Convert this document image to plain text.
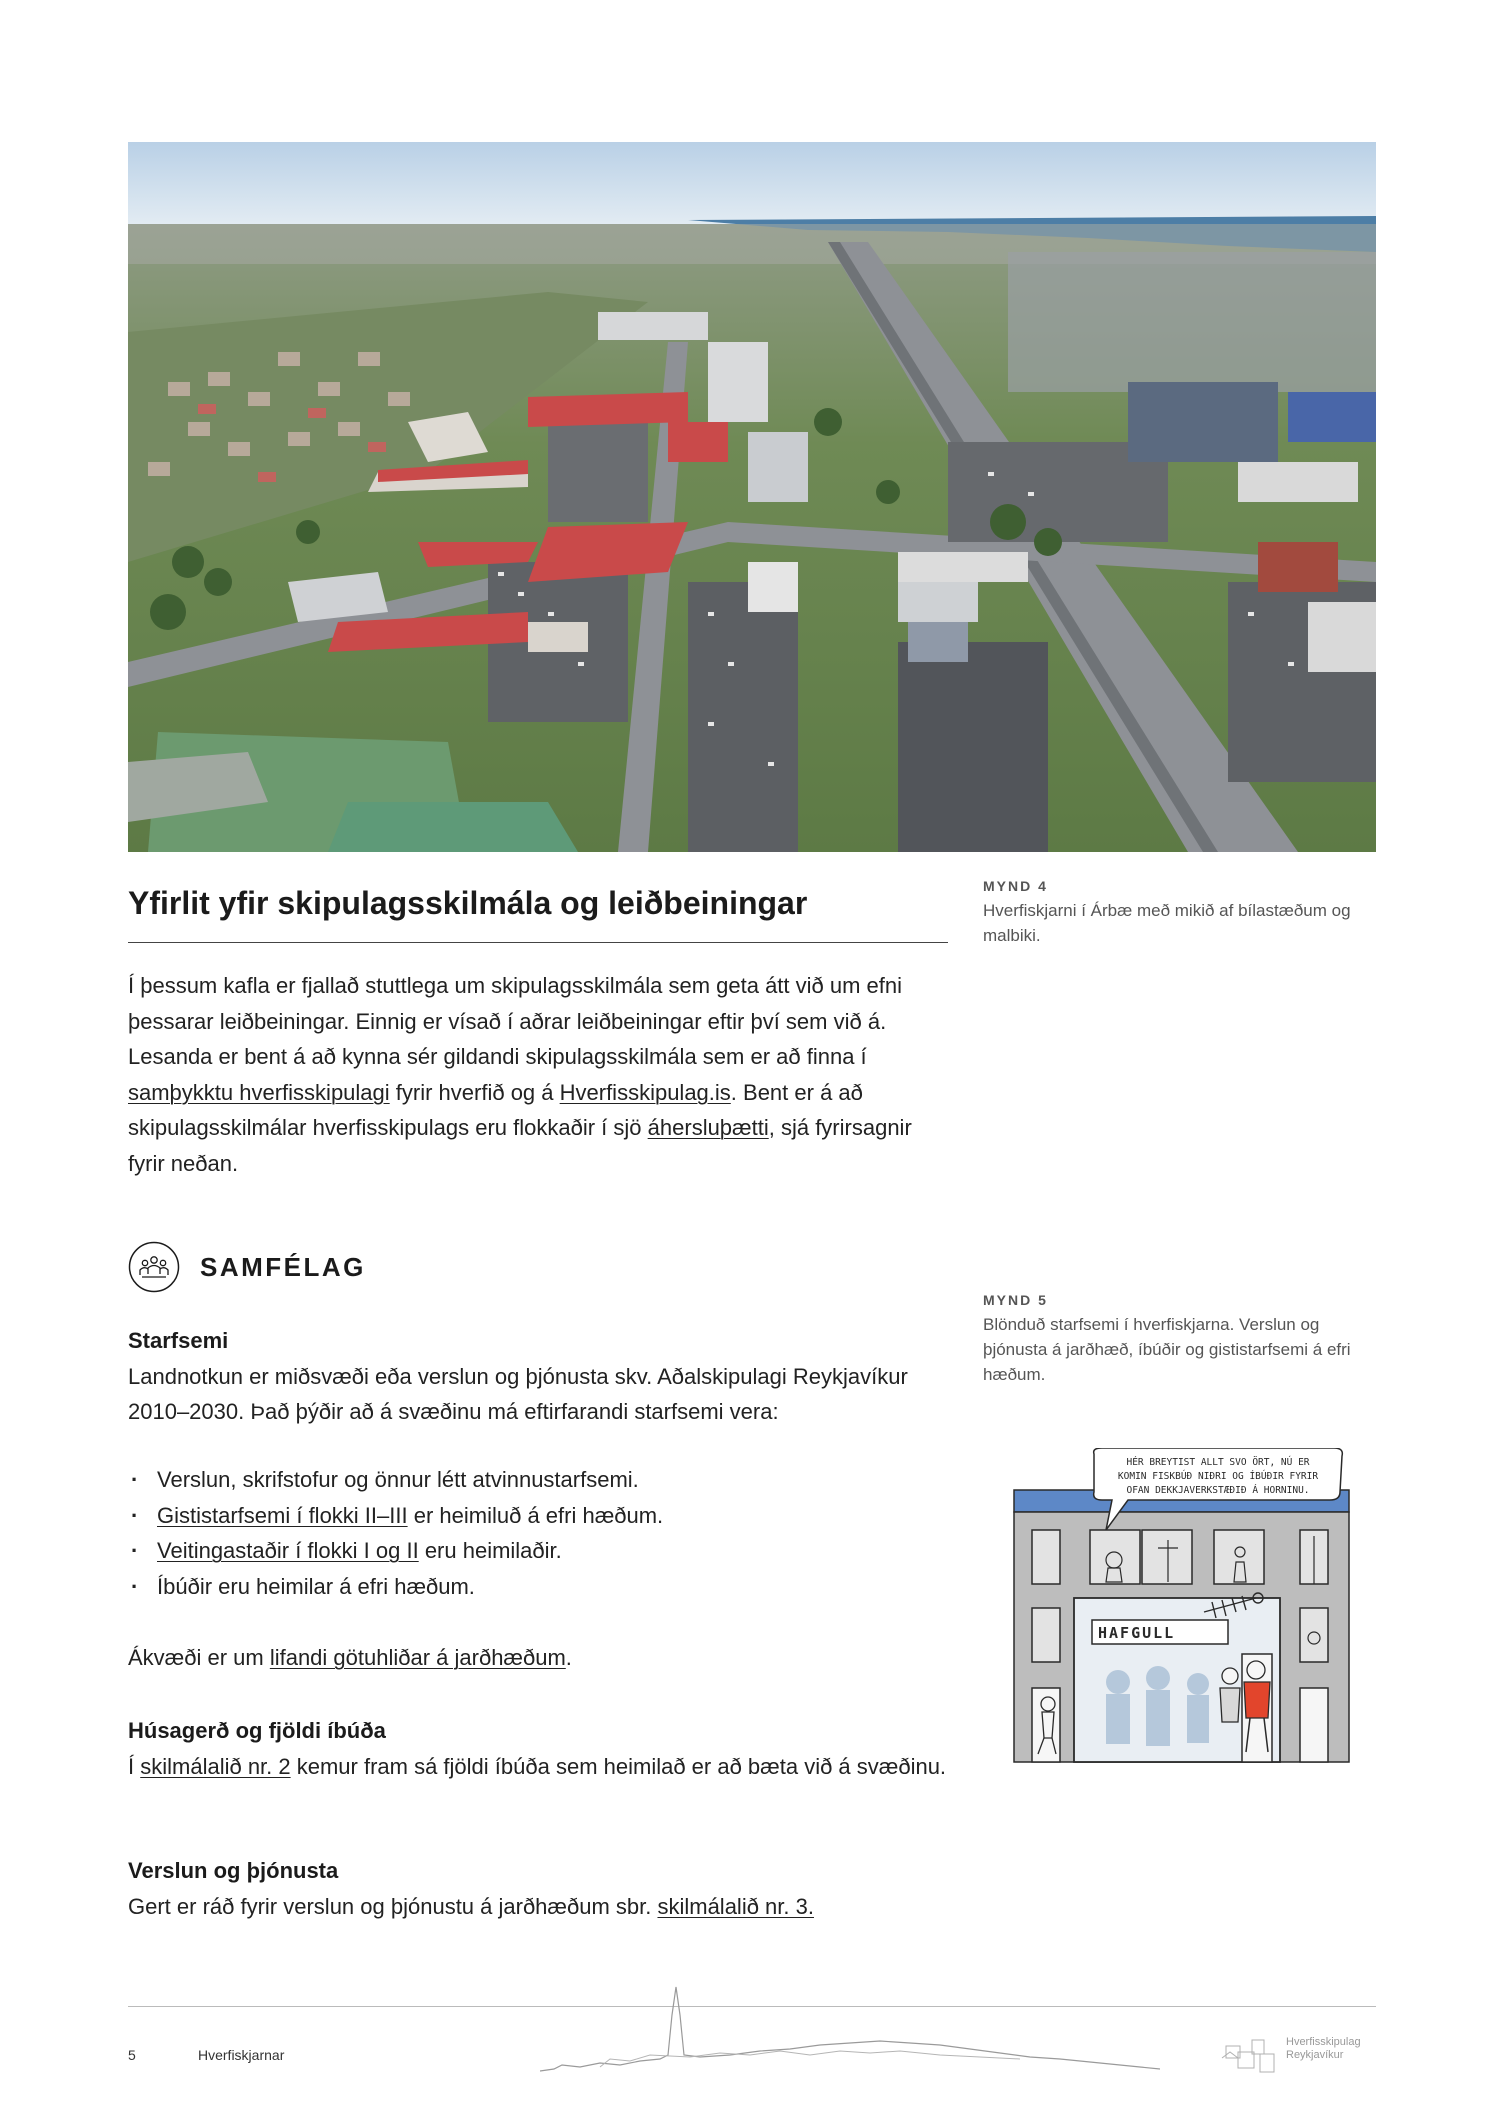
MYND 4
Hverfiskjarni í Árbæ með mikið af bílastæðum og malbiki.
MYND 5
Blönduð starfsemi í hverfiskjarna. Verslun og þjónusta á jarðhæð, íbúðir og gististarfsemi á efri hæðum.
Yfirlit yfir skipulagsskilmála og leiðbeiningar
Í þessum kafla er fjallað stuttlega um skipulagsskilmála sem geta átt við um efni þessarar leiðbeiningar. Einnig er vísað í aðrar leiðbeiningar eftir því sem við á. Lesanda er bent á að kynna sér gildandi skipulagsskilmála sem er að finna í samþykktu hverfisskipulagi fyrir hverfið og á Hverfisskipulag.is. Bent er á að skipulagsskilmálar hverfisskipulags eru flokkaðir í sjö áhersluþætti, sjá fyrirsagnir fyrir neðan.
SAMFÉLAG
Starfsemi
Landnotkun er miðsvæði eða verslun og þjónusta skv. Aðalskipulagi Reykjavíkur 2010–2030. Það þýðir að á svæðinu má eftirfarandi starfsemi vera:
· Verslun, skrifstofur og önnur létt atvinnustarfsemi.
· Gististarfsemi í flokki II–III er heimiluð á efri hæðum.
· Veitingastaðir í flokki I og II eru heimilaðir.
· Íbúðir eru heimilar á efri hæðum.
Ákvæði er um lifandi götuhliðar á jarðhæðum.
Húsagerð og fjöldi íbúða
Í skilmálalið nr. 2 kemur fram sá fjöldi íbúða sem heimilað er að bæta við á svæðinu.
Verslun og þjónusta
Gert er ráð fyrir verslun og þjónustu á jarðhæðum sbr. skilmálalið nr. 3.
HAFGULL
HÉR BREYTIST ALLT SVO ÖRT, NÚ ER
KOMIN FISKBÚÐ NIÐRI OG ÍBÚÐIR FYRIR
OFAN DEKKJAVERKSTÆÐIÐ Á HORNINU.
5	Hverfiskjarnar
Hverfisskipulag
Reykjavíkur
